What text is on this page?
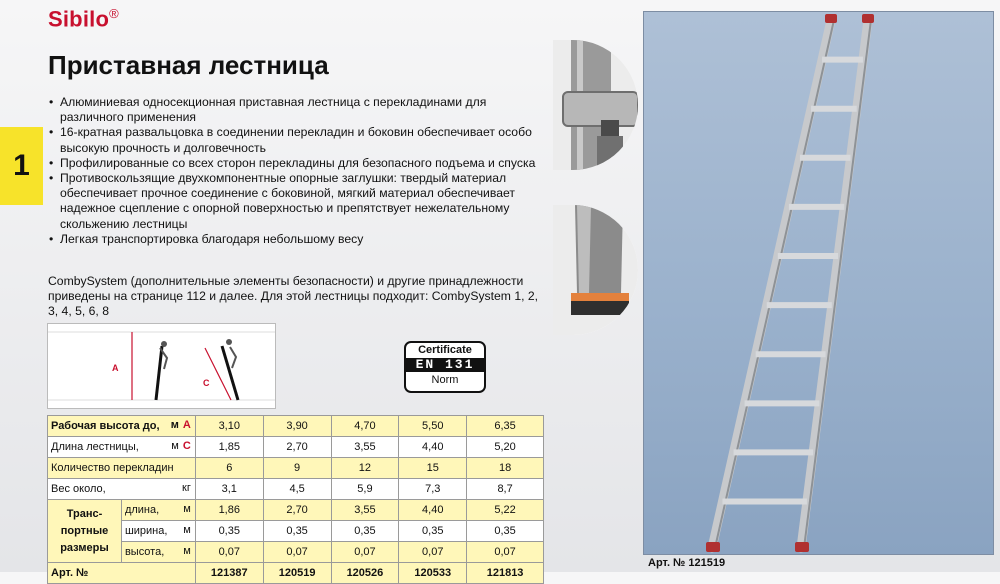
Sibilo®
Приставная лестница
1
• Алюминиевая односекционная приставная лестница с перекладинами для различного применения
• 16-кратная развальцовка в соединении перекладин и боковин обеспечивает особо высокую прочность и долговечность
• Профилированные со всех сторон перекладины для безопасного подъема и спуска
• Противоскользящие двухкомпонентные опорные заглушки: твердый материал обеспечивает прочное соединение с боковиной, мягкий материал обеспечивает надежное сцепление с опорной поверхностью и препятствует нежелательному скольжению лестницы
• Легкая транспортировка благодаря небольшому весу

CombySystem (дополнительные элементы безопасности) и другие принадлежности приведены на странице 112 и далее. Для этой лестницы подходит: CombySystem 1, 2, 3, 4, 5, 6, 8

A
C
Certificate
EN 131
Norm
Рабочая высота до, м A		3,10	3,90	4,70	5,50	6,35
Длина лестницы, м C		1,85	2,70	3,55	4,40	5,20
Количество перекладин		6	9	12	15	18
Вес около, кг		3,1	4,5	5,9	7,3	8,7
Транс-портные размеры	длина, м	1,86	2,70	3,55	4,40	5,22
	ширина, м	0,35	0,35	0,35	0,35	0,35
	высота, м	0,07	0,07	0,07	0,07	0,07
Арт. №		121387	120519	120526	120533	121813

Арт. № 121519
